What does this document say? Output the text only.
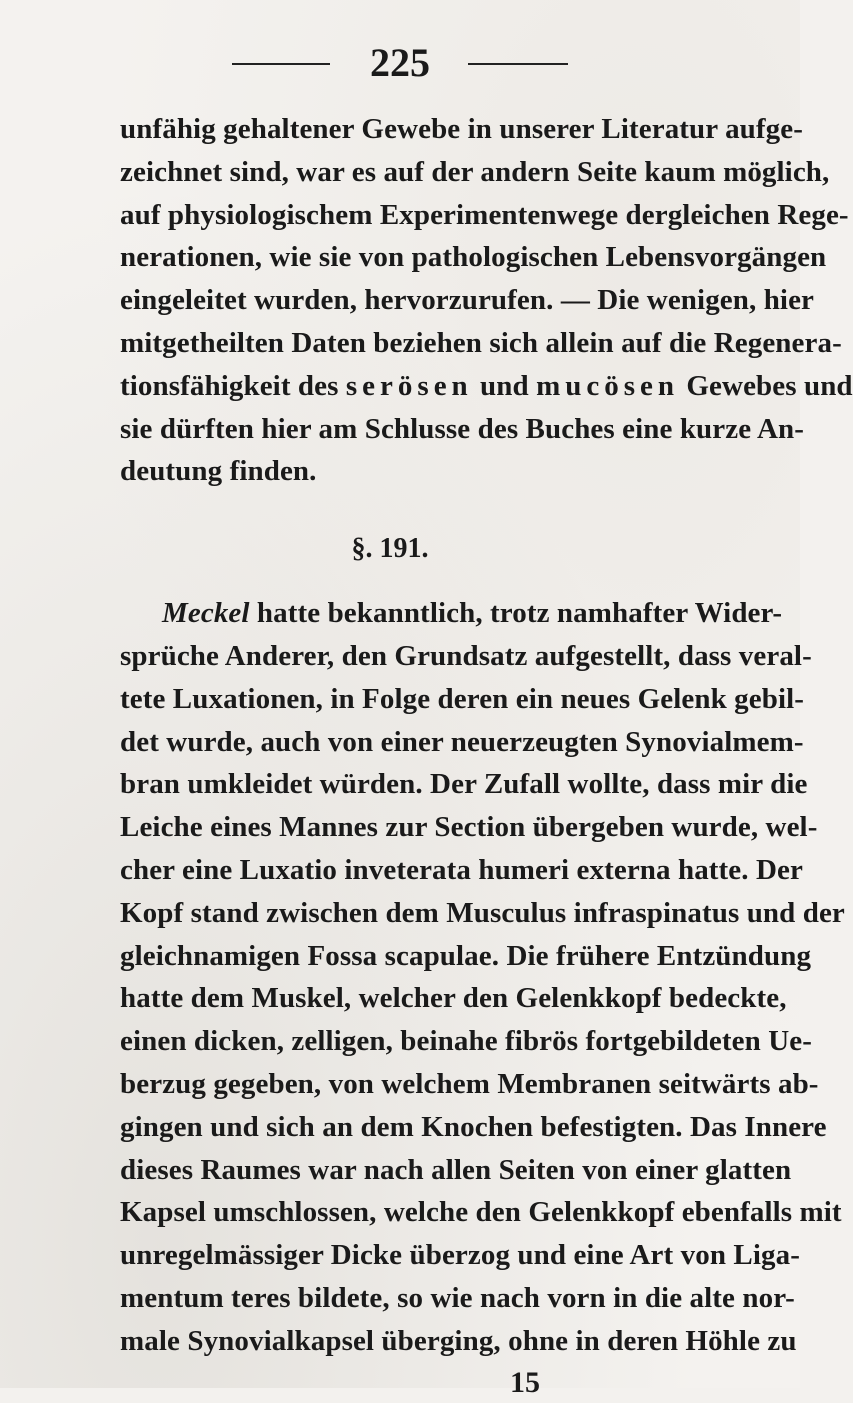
225
unfähig gehaltener Gewebe in unserer Literatur aufge-
zeichnet sind, war es auf der andern Seite kaum möglich,
auf physiologischem Experimentenwege dergleichen Rege-
nerationen, wie sie von pathologischen Lebensvorgängen
eingeleitet wurden, hervorzurufen. — Die wenigen, hier
mitgetheilten Daten beziehen sich allein auf die Regenera-
tionsfähigkeit des serösen und mucösen Gewebes und
sie dürften hier am Schlusse des Buches eine kurze An-
deutung finden.
§. 191.
Meckel hatte bekanntlich, trotz namhafter Wider-
sprüche Anderer, den Grundsatz aufgestellt, dass veral-
tete Luxationen, in Folge deren ein neues Gelenk gebil-
det wurde, auch von einer neuerzeugten Synovialmem-
bran umkleidet würden. Der Zufall wollte, dass mir die
Leiche eines Mannes zur Section übergeben wurde, wel-
cher eine Luxatio inveterata humeri externa hatte. Der
Kopf stand zwischen dem Musculus infraspinatus und der
gleichnamigen Fossa scapulae. Die frühere Entzündung
hatte dem Muskel, welcher den Gelenkkopf bedeckte,
einen dicken, zelligen, beinahe fibrös fortgebildeten Ue-
berzug gegeben, von welchem Membranen seitwärts ab-
gingen und sich an dem Knochen befestigten. Das Innere
dieses Raumes war nach allen Seiten von einer glatten
Kapsel umschlossen, welche den Gelenkkopf ebenfalls mit
unregelmässiger Dicke überzog und eine Art von Liga-
mentum teres bildete, so wie nach vorn in die alte nor-
male Synovialkapsel überging, ohne in deren Höhle zu
15
